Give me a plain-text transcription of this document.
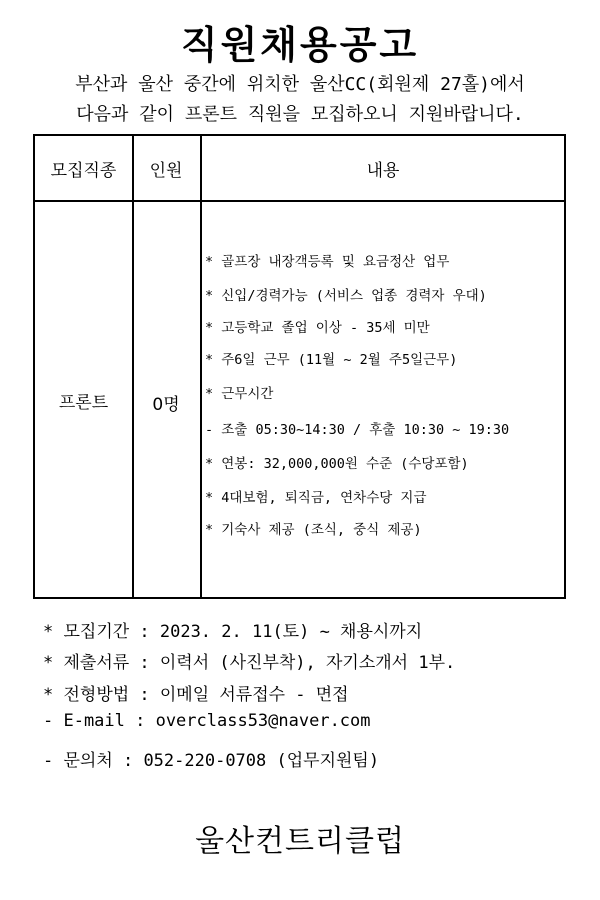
직원채용공고
부산과 울산 중간에 위치한 울산CC(회원제 27홀)에서
다음과 같이 프론트 직원을 모집하오니 지원바랍니다.
모집직종	인원	내용
프론트	0명
* 골프장 내장객등록 및 요금정산 업무
* 신입/경력가능 (서비스 업종 경력자 우대)
* 고등학교 졸업 이상 - 35세 미만
* 주6일 근무 (11월 ~ 2월 주5일근무)
* 근무시간
- 조출 05:30~14:30 / 후출 10:30 ~ 19:30
* 연봉: 32,000,000원 수준 (수당포함)
* 4대보험, 퇴직금, 연차수당 지급
* 기숙사 제공 (조식, 중식 제공)
* 모집기간 : 2023. 2. 11(토) ~ 채용시까지
* 제출서류 : 이력서 (사진부착), 자기소개서 1부.
* 전형방법 : 이메일 서류접수 - 면접
- E-mail : overclass53@naver.com
- 문의처 : 052-220-0708 (업무지원팀)
울산컨트리클럽
